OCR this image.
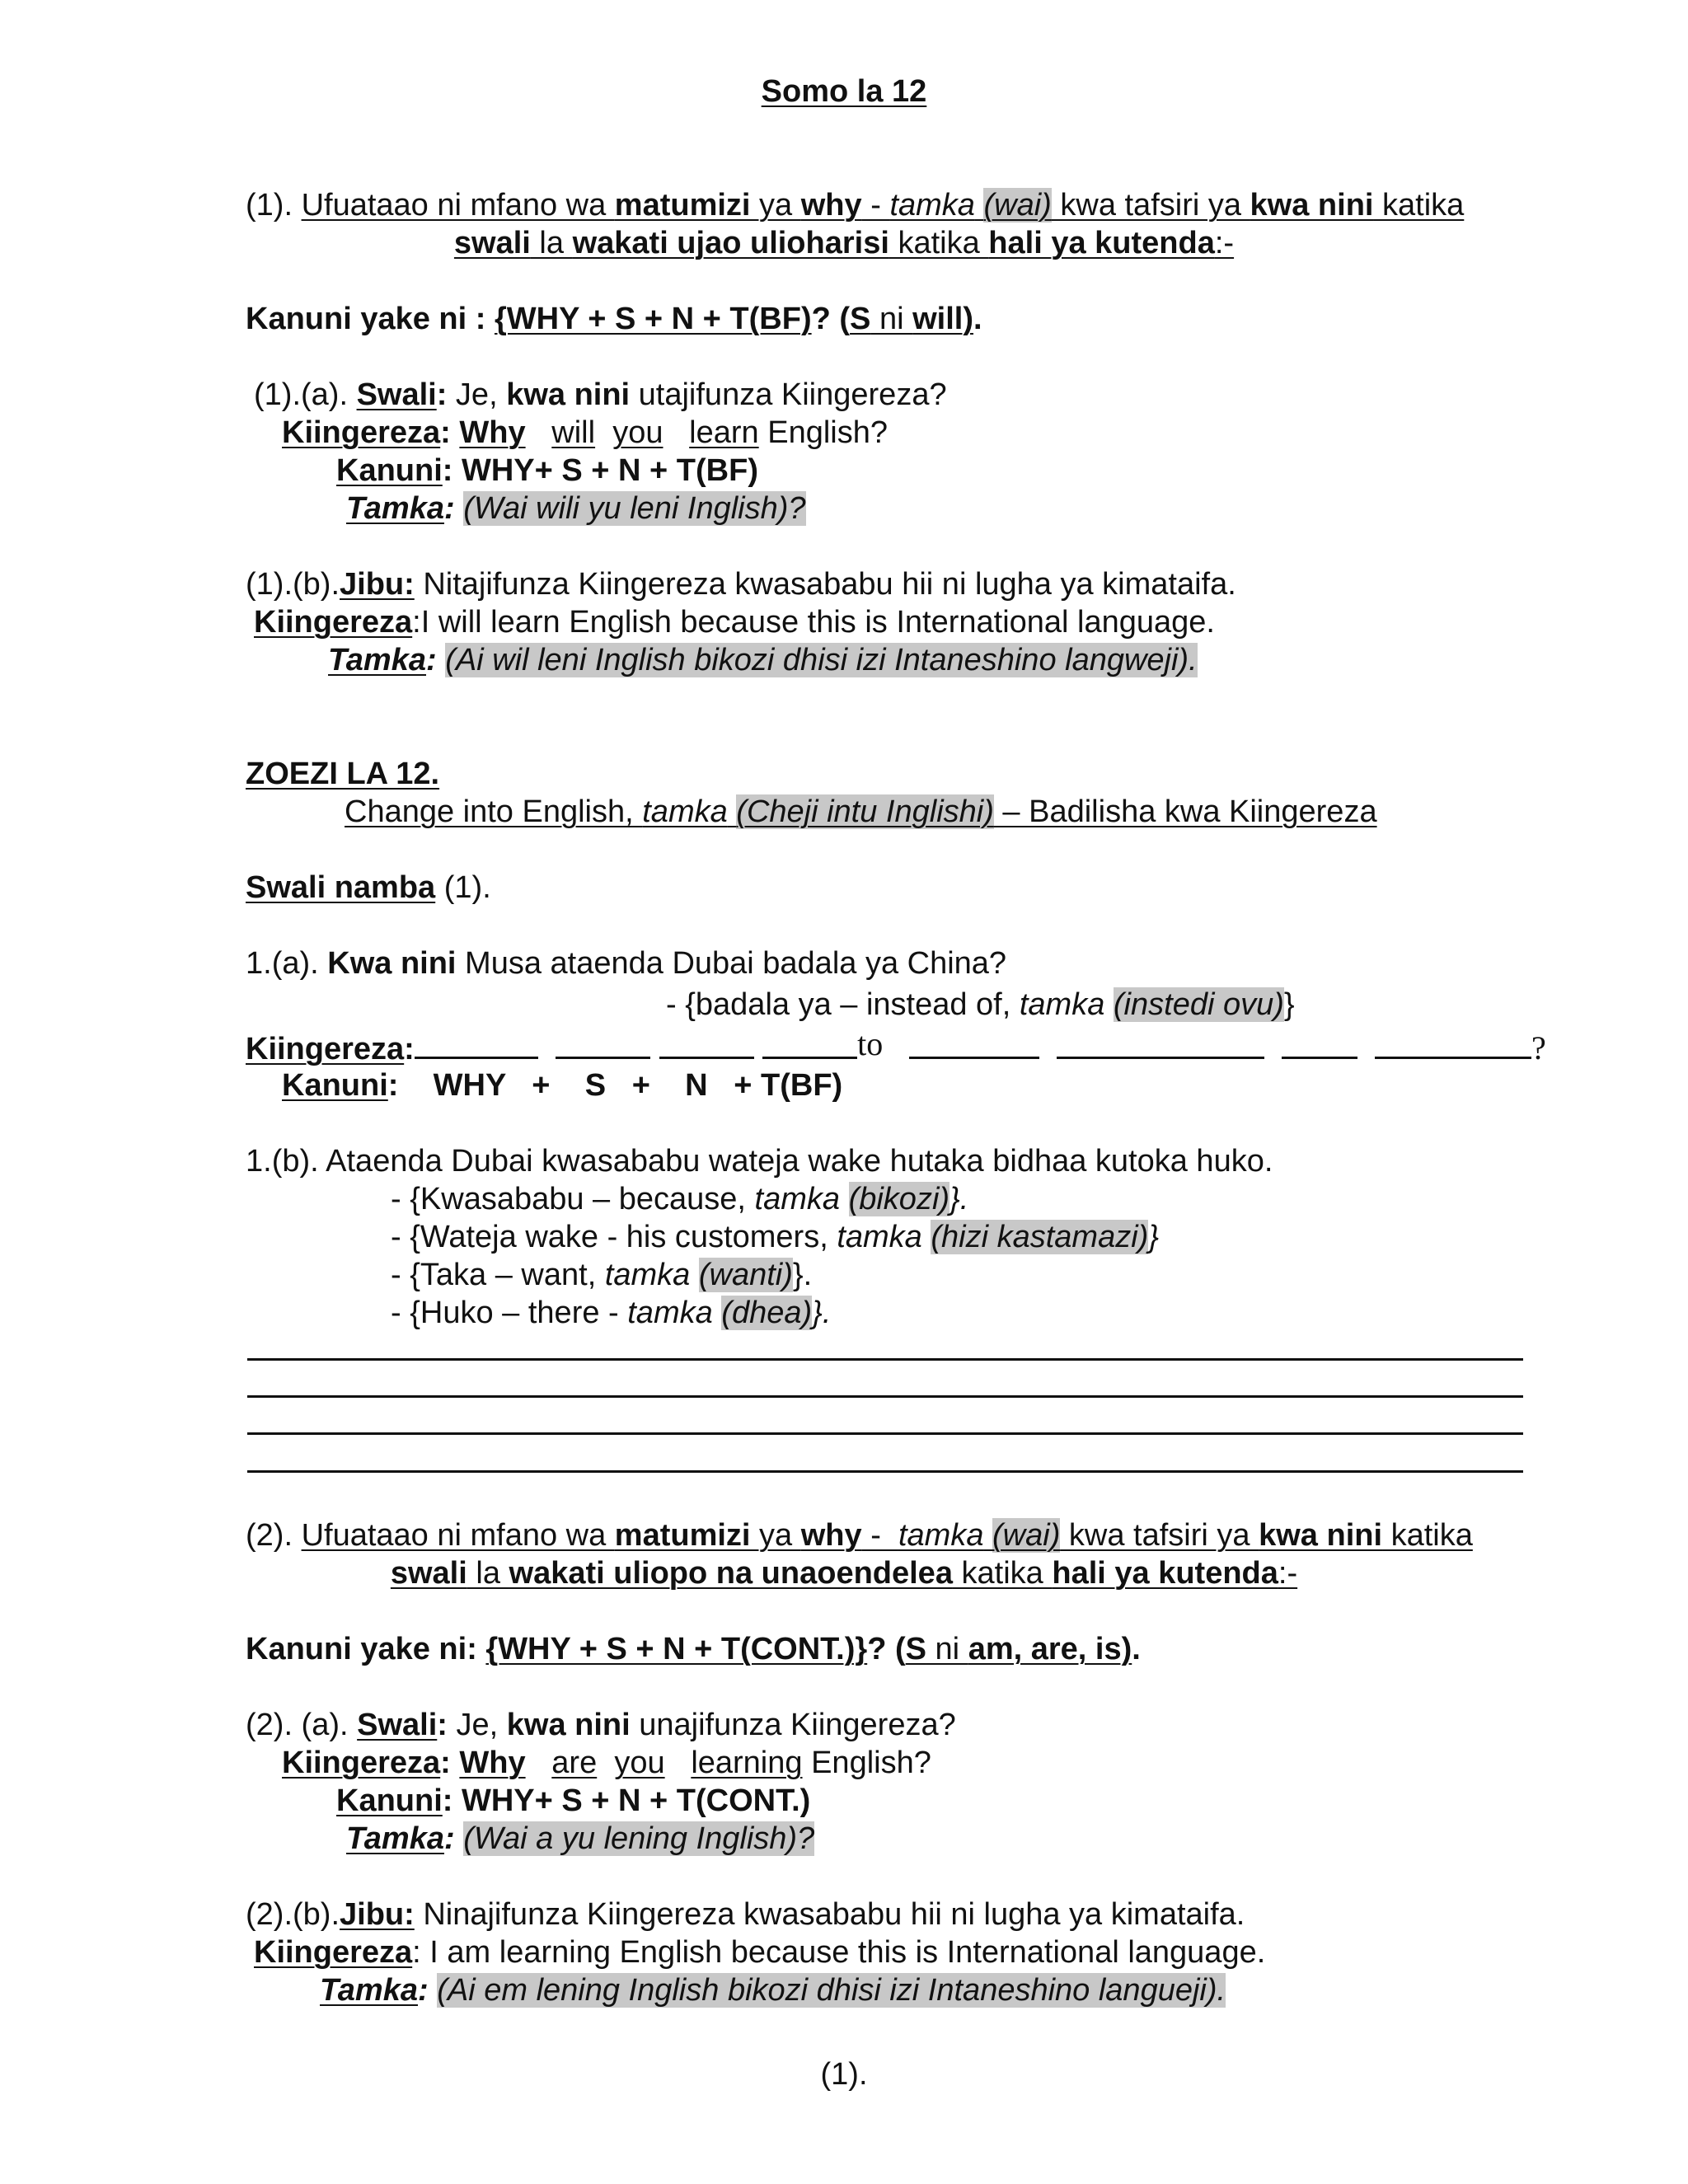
Somo la 12
(1). Ufuataao ni mfano wa matumizi ya why - tamka (wai) kwa tafsiri ya kwa nini katika
swali la wakati ujao ulioharisi katika hali ya kutenda:-
Kanuni yake ni : {WHY + S + N + T(BF)? (S ni will).
(1).(a). Swali: Je, kwa nini utajifunza Kiingereza?
Kiingereza: Why will you learn English?
Kanuni: WHY+ S + N + T(BF)
Tamka: (Wai wili yu leni Inglish)?
(1).(b).Jibu: Nitajifunza Kiingereza kwasababu hii ni lugha ya kimataifa.
Kiingereza:I will learn English because this is International language.
Tamka: (Ai wil leni Inglish bikozi dhisi izi Intaneshino langweji).
ZOEZI LA 12.
Change into English, tamka (Cheji intu Inglishi) – Badilisha kwa Kiingereza
Swali namba (1).
1.(a). Kwa nini Musa ataenda Dubai badala ya China?
- {badala ya – instead of, tamka (instedi ovu)}
Kiingereza:	to	?
Kanuni:    WHY   +    S   +    N   + T(BF)
1.(b). Ataenda Dubai kwasababu wateja wake hutaka bidhaa kutoka huko.
- {Kwasababu – because, tamka (bikozi)}.
- {Wateja wake - his customers, tamka (hizi kastamazi)}
- {Taka – want, tamka (wanti)}.
- {Huko – there - tamka (dhea)}.
(2). Ufuataao ni mfano wa matumizi ya why -  tamka (wai) kwa tafsiri ya kwa nini katika
swali la wakati uliopo na unaoendelea katika hali ya kutenda:-
Kanuni yake ni: {WHY + S + N + T(CONT.)}? (S ni am, are, is).
(2). (a). Swali: Je, kwa nini unajifunza Kiingereza?
Kiingereza: Why are you learning English?
Kanuni: WHY+ S + N + T(CONT.)
Tamka: (Wai a yu lening Inglish)?
(2).(b).Jibu: Ninajifunza Kiingereza kwasababu hii ni lugha ya kimataifa.
Kiingereza: I am learning English because this is International language.
Tamka: (Ai em lening Inglish bikozi dhisi izi Intaneshino langueji).
(1).
